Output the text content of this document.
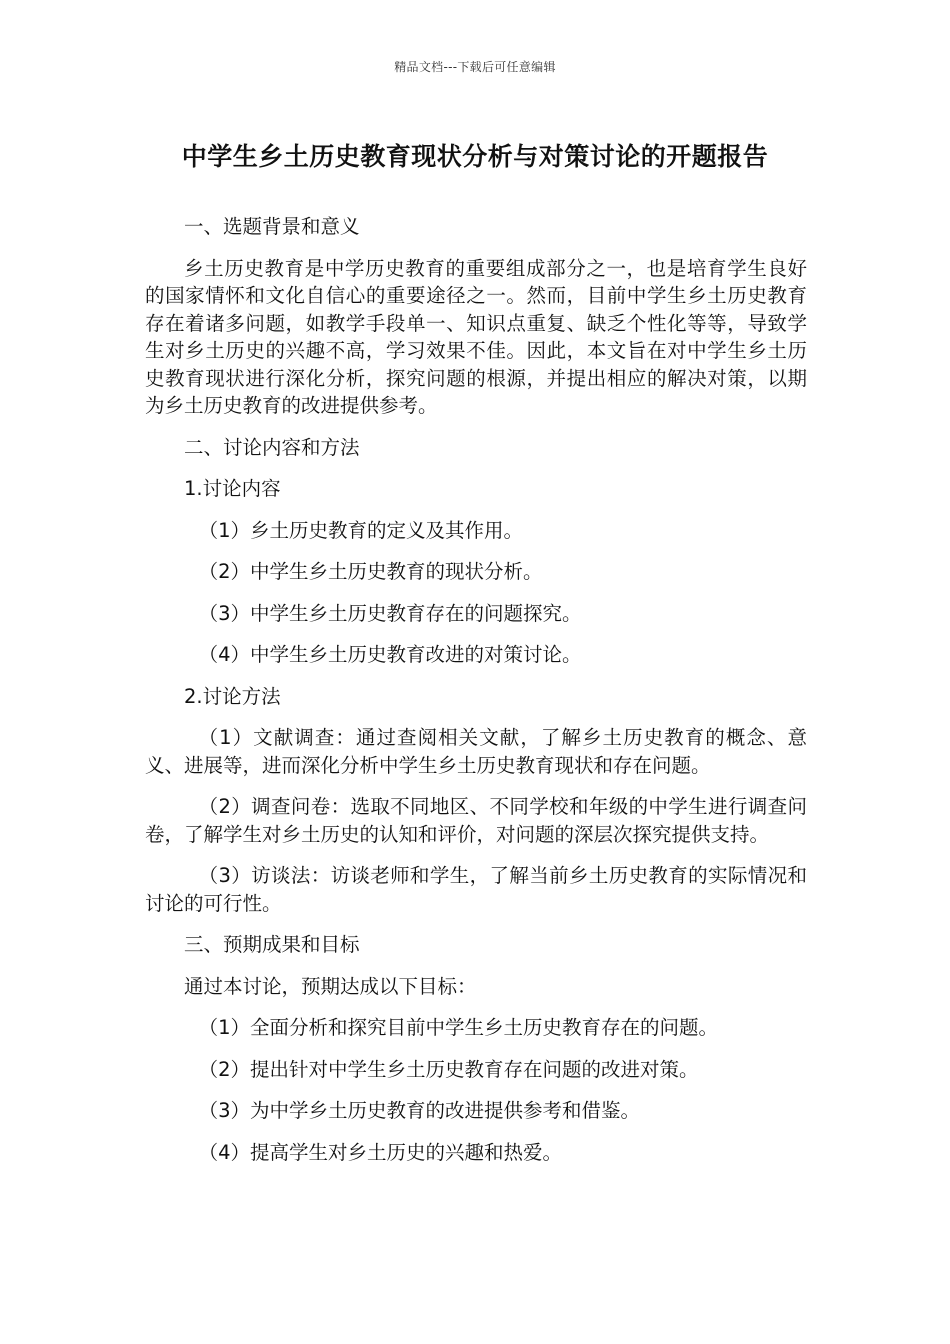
精品文档---下载后可任意编辑
中学生乡土历史教育现状分析与对策讨论的开题报告

一、选题背景和意义

乡土历史教育是中学历史教育的重要组成部分之一，也是培育学生良好的国家情怀和文化自信心的重要途径之一。然而，目前中学生乡土历史教育存在着诸多问题，如教学手段单一、知识点重复、缺乏个性化等等，导致学生对乡土历史的兴趣不高，学习效果不佳。因此，本文旨在对中学生乡土历史教育现状进行深化分析，探究问题的根源，并提出相应的解决对策，以期为乡土历史教育的改进提供参考。

二、讨论内容和方法

1.讨论内容

（1）乡土历史教育的定义及其作用。

（2）中学生乡土历史教育的现状分析。

（3）中学生乡土历史教育存在的问题探究。

（4）中学生乡土历史教育改进的对策讨论。

2.讨论方法

（1）文献调查：通过查阅相关文献，了解乡土历史教育的概念、意义、进展等，进而深化分析中学生乡土历史教育现状和存在问题。

（2）调查问卷：选取不同地区、不同学校和年级的中学生进行调查问卷，了解学生对乡土历史的认知和评价，对问题的深层次探究提供支持。

（3）访谈法：访谈老师和学生，了解当前乡土历史教育的实际情况和讨论的可行性。

三、预期成果和目标

通过本讨论，预期达成以下目标：

（1）全面分析和探究目前中学生乡土历史教育存在的问题。

（2）提出针对中学生乡土历史教育存在问题的改进对策。

（3）为中学乡土历史教育的改进提供参考和借鉴。

（4）提高学生对乡土历史的兴趣和热爱。
